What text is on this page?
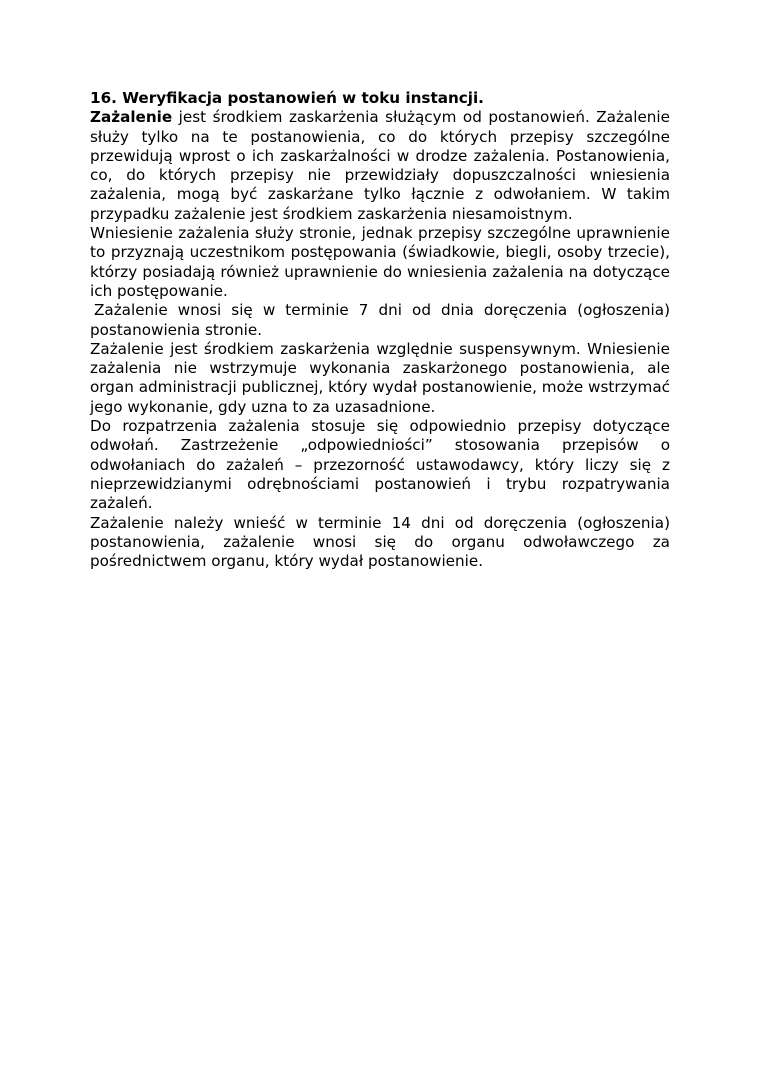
16. Weryfikacja postanowień w toku instancji.

Zażalenie jest środkiem zaskarżenia służącym od postanowień. Zażalenie służy tylko na te postanowienia, co do których przepisy szczególne przewidują wprost o ich zaskarżalności w drodze zażalenia. Postanowienia, co, do których przepisy nie przewidziały dopuszczalności wniesienia zażalenia, mogą być zaskarżane tylko łącznie z odwołaniem. W takim przypadku zażalenie jest środkiem zaskarżenia niesamoistnym.

Wniesienie zażalenia służy stronie, jednak przepisy szczególne uprawnienie to przyznają uczestnikom postępowania (świadkowie, biegli, osoby trzecie), którzy posiadają również uprawnienie do wniesienia zażalenia na dotyczące ich postępowanie.

Zażalenie wnosi się w terminie 7 dni od dnia doręczenia (ogłoszenia) postanowienia stronie.

Zażalenie jest środkiem zaskarżenia względnie suspensywnym. Wniesienie zażalenia nie wstrzymuje wykonania zaskarżonego postanowienia, ale organ administracji publicznej, który wydał postanowienie, może wstrzymać jego wykonanie, gdy uzna to za uzasadnione.

Do rozpatrzenia zażalenia stosuje się odpowiednio przepisy dotyczące odwołań. Zastrzeżenie „odpowiedniości” stosowania przepisów o odwołaniach do zażaleń – przezorność ustawodawcy, który liczy się z nieprzewidzianymi odrębnościami postanowień i trybu rozpatrywania zażaleń.

Zażalenie należy wnieść w terminie 14 dni od doręczenia (ogłoszenia) postanowienia, zażalenie wnosi się do organu odwoławczego za pośrednictwem organu, który wydał postanowienie.
